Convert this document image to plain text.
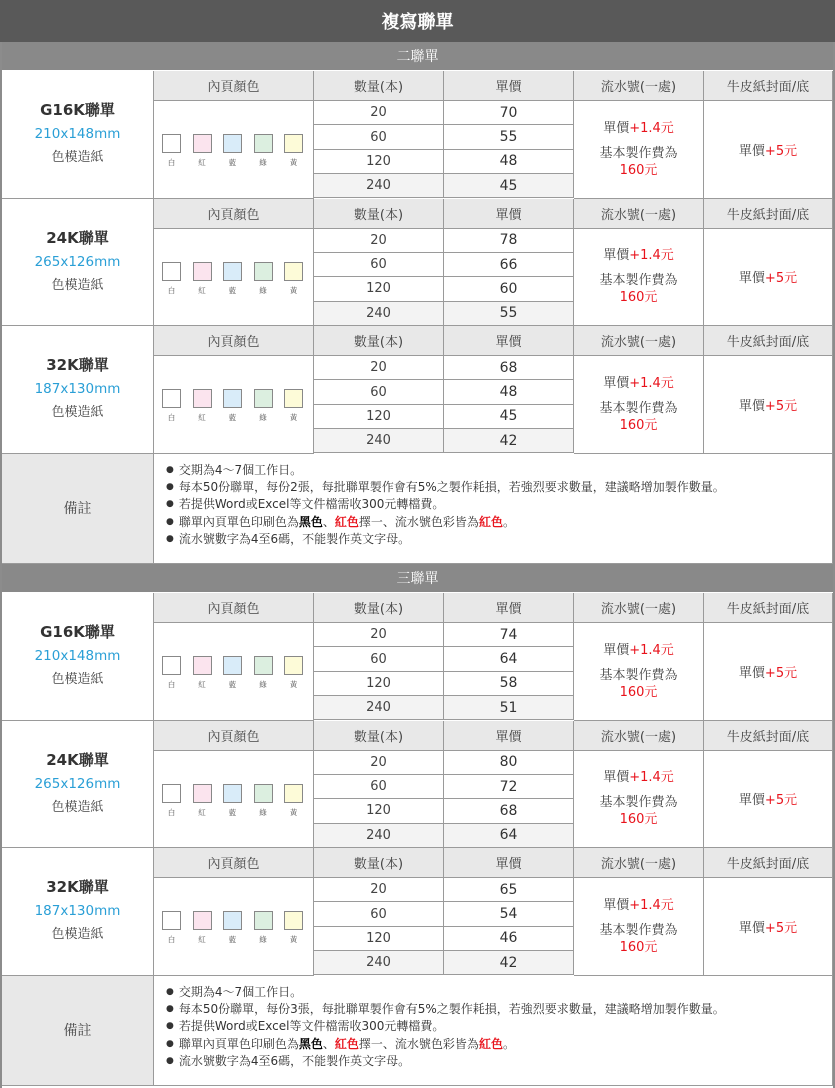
複寫聯單
二聯單
G16K聯單
210x148mm
色模造紙
內頁顏色	數量(本)	單價	流水號(一處)	牛皮紙封面/底
白	紅	藍	綠	黃
20	70
60	55
120	48
240	45
單價+1.4元
基本製作費為
160元
單價 +5元
24K聯單
265x126mm
色模造紙
內頁顏色	數量(本)	單價	流水號(一處)	牛皮紙封面/底
白	紅	藍	綠	黃
20	78
60	66
120	60
240	55
單價+1.4元
基本製作費為
160元
單價 +5元
32K聯單
187x130mm
色模造紙
內頁顏色	數量(本)	單價	流水號(一處)	牛皮紙封面/底
白	紅	藍	綠	黃
20	68
60	48
120	45
240	42
單價+1.4元
基本製作費為
160元
單價 +5元
備註
● 交期為4～7個工作日。
● 每本50份聯單，每份2張，每批聯單製作會有5%之製作耗損，若強烈要求數量，建議略增加製作數量。
● 若提供Word或Excel等文件檔需收300元轉檔費。
● 聯單內頁單色印刷色為 黑色 、 紅色 擇一、流水號色彩皆為 紅色 。
● 流水號數字為4至6碼，不能製作英文字母。
三聯單
G16K聯單
210x148mm
色模造紙
內頁顏色	數量(本)	單價	流水號(一處)	牛皮紙封面/底
白	紅	藍	綠	黃
20	74
60	64
120	58
240	51
單價+1.4元
基本製作費為
160元
單價 +5元
24K聯單
265x126mm
色模造紙
內頁顏色	數量(本)	單價	流水號(一處)	牛皮紙封面/底
白	紅	藍	綠	黃
20	80
60	72
120	68
240	64
單價+1.4元
基本製作費為
160元
單價 +5元
32K聯單
187x130mm
色模造紙
內頁顏色	數量(本)	單價	流水號(一處)	牛皮紙封面/底
白	紅	藍	綠	黃
20	65
60	54
120	46
240	42
單價+1.4元
基本製作費為
160元
單價 +5元
備註
● 交期為4～7個工作日。
● 每本50份聯單，每份3張，每批聯單製作會有5%之製作耗損，若強烈要求數量，建議略增加製作數量。
● 若提供Word或Excel等文件檔需收300元轉檔費。
● 聯單內頁單色印刷色為 黑色 、 紅色 擇一、流水號色彩皆為 紅色 。
● 流水號數字為4至6碼，不能製作英文字母。
